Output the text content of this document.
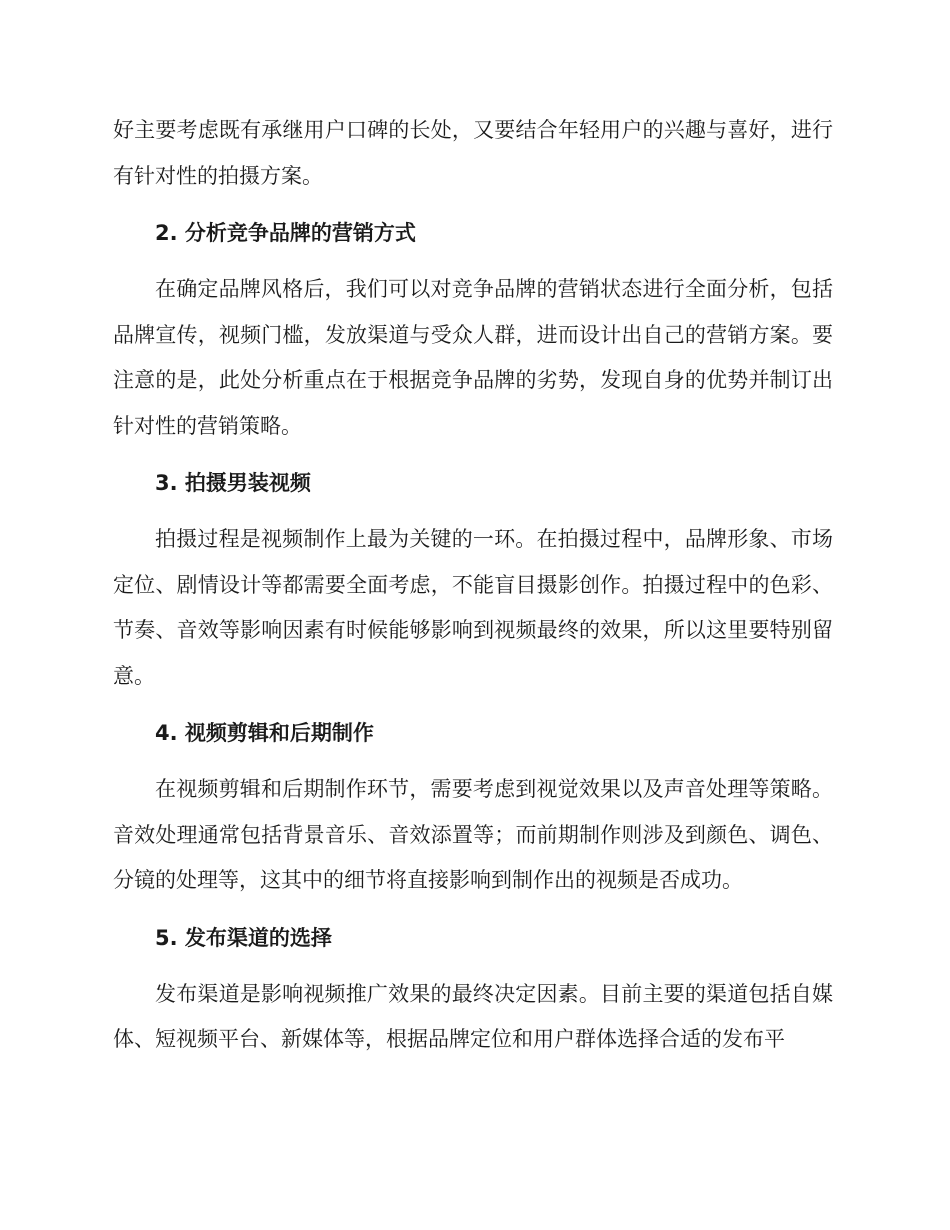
好主要考虑既有承继用户口碑的长处，又要结合年轻用户的兴趣与喜好，进行有针对性的拍摄方案。

2. 分析竞争品牌的营销方式

在确定品牌风格后，我们可以对竞争品牌的营销状态进行全面分析，包括品牌宣传，视频门槛，发放渠道与受众人群，进而设计出自己的营销方案。要注意的是，此处分析重点在于根据竞争品牌的劣势，发现自身的优势并制订出针对性的营销策略。

3. 拍摄男装视频

拍摄过程是视频制作上最为关键的一环。在拍摄过程中，品牌形象、市场定位、剧情设计等都需要全面考虑，不能盲目摄影创作。拍摄过程中的色彩、节奏、音效等影响因素有时候能够影响到视频最终的效果，所以这里要特别留意。

4. 视频剪辑和后期制作

在视频剪辑和后期制作环节，需要考虑到视觉效果以及声音处理等策略。音效处理通常包括背景音乐、音效添置等；而前期制作则涉及到颜色、调色、分镜的处理等，这其中的细节将直接影响到制作出的视频是否成功。

5. 发布渠道的选择

发布渠道是影响视频推广效果的最终决定因素。目前主要的渠道包括自媒体、短视频平台、新媒体等，根据品牌定位和用户群体选择合适的发布平
